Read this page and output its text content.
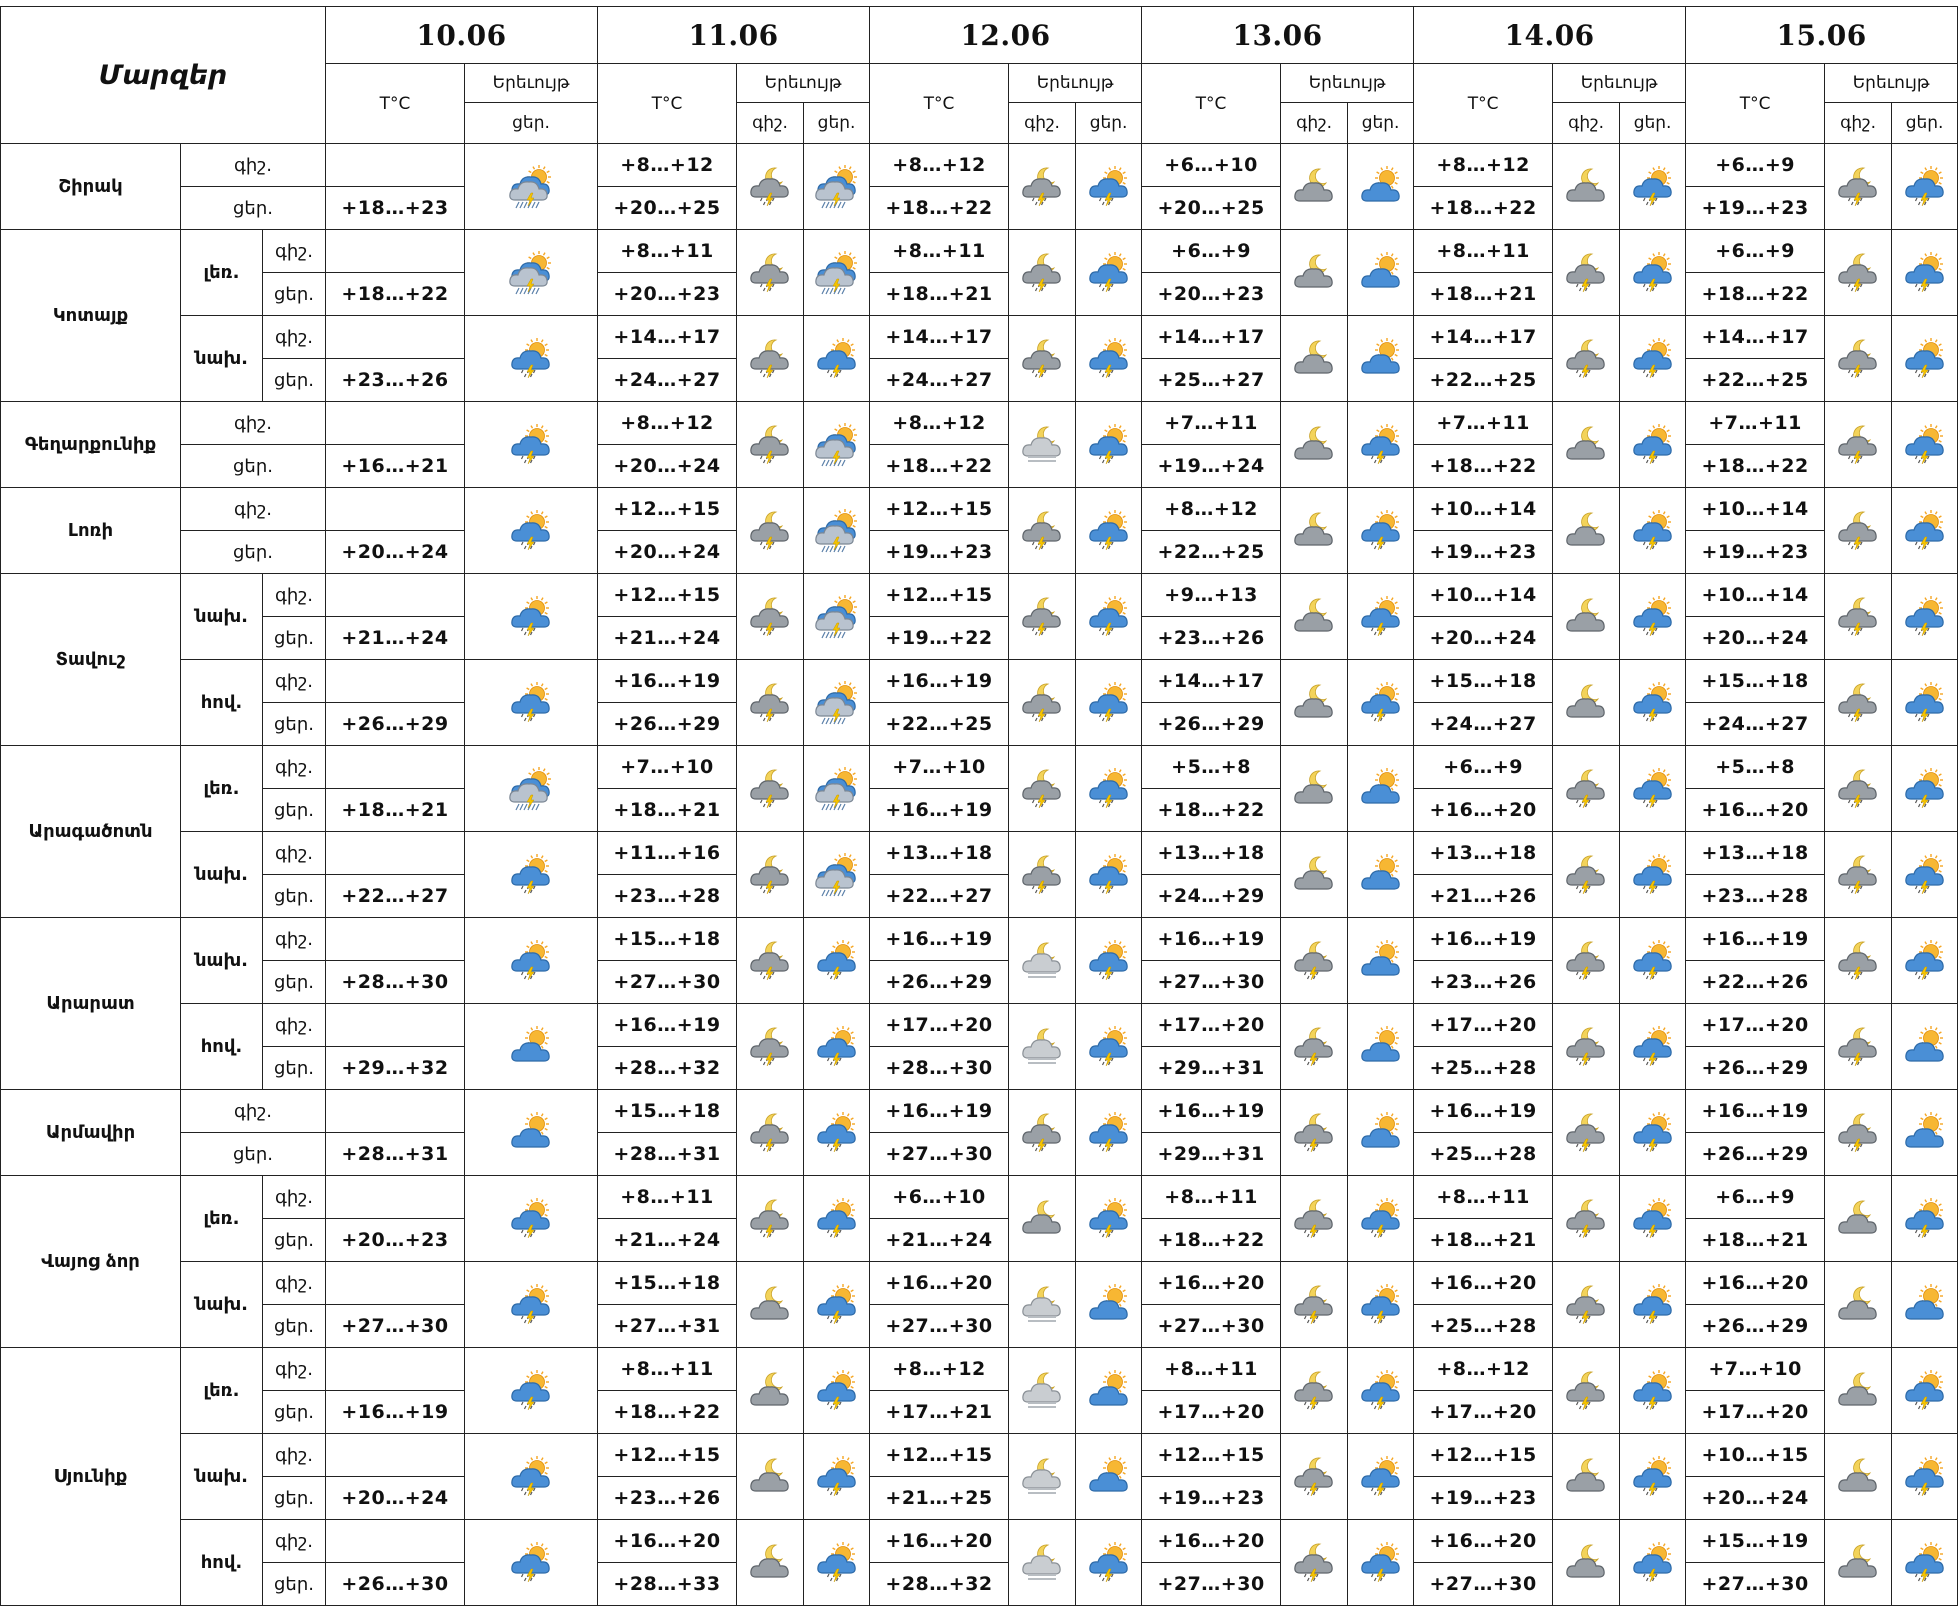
Մարզեր			10.06		11.06			12.06			13.06			14.06			15.06		
			T°C	Երեւույթ	T°C	Երեւույթ		T°C	Երեւույթ		T°C	Երեւույթ		T°C	Երեւույթ		T°C	Երեւույթ	
				ցեր.		գիշ.	ցեր.		գիշ.	ցեր.		գիշ.	ցեր.		գիշ.	ցեր.		գիշ.	ցեր.
Շիրակ	գիշ.				+8…+12			+8…+12			+6…+10			+8…+12			+6…+9	

	ցեր.		+18…+23		+20…+25			+18…+22			+20…+25			+18…+22			+19…+23		
Կոտայք	լեռ.	գիշ.			+8…+11			+8…+11			+6…+9			+8…+11			+6…+9	

		ցեր.	+18…+22		+20…+23			+18…+21			+20…+23			+18…+21			+18…+22		
	նախ.	գիշ.			+14…+17			+14…+17			+14…+17			+14…+17			+14…+17	

		ցեր.	+23…+26		+24…+27			+24…+27			+25…+27			+22…+25			+22…+25		
Գեղարքունիք	գիշ.				+8…+12			+8…+12			+7…+11			+7…+11			+7…+11	

	ցեր.		+16…+21		+20…+24			+18…+22			+19…+24			+18…+22			+18…+22		
Լոռի	գիշ.				+12…+15			+12…+15			+8…+12			+10…+14			+10…+14	

	ցեր.		+20…+24		+20…+24			+19…+23			+22…+25			+19…+23			+19…+23		
Տավուշ	նախ.	գիշ.			+12…+15			+12…+15			+9…+13			+10…+14			+10…+14	

		ցեր.	+21…+24		+21…+24			+19…+22			+23…+26			+20…+24			+20…+24		
	հով.	գիշ.			+16…+19			+16…+19			+14…+17			+15…+18			+15…+18	

		ցեր.	+26…+29		+26…+29			+22…+25			+26…+29			+24…+27			+24…+27		
Արագածոտն	լեռ.	գիշ.			+7…+10			+7…+10			+5…+8			+6…+9			+5…+8	

		ցեր.	+18…+21		+18…+21			+16…+19			+18…+22			+16…+20			+16…+20		
	նախ.	գիշ.			+11…+16			+13…+18			+13…+18			+13…+18			+13…+18	

		ցեր.	+22…+27		+23…+28			+22…+27			+24…+29			+21…+26			+23…+28		
Արարատ	նախ.	գիշ.			+15…+18			+16…+19			+16…+19			+16…+19			+16…+19	

		ցեր.	+28…+30		+27…+30			+26…+29			+27…+30			+23…+26			+22…+26		
	հով.	գիշ.			+16…+19			+17…+20			+17…+20			+17…+20			+17…+20	

		ցեր.	+29…+32		+28…+32			+28…+30			+29…+31			+25…+28			+26…+29		
Արմավիր	գիշ.				+15…+18			+16…+19			+16…+19			+16…+19			+16…+19	

	ցեր.		+28…+31		+28…+31			+27…+30			+29…+31			+25…+28			+26…+29		
Վայոց ձոր	լեռ.	գիշ.			+8…+11			+6…+10			+8…+11			+8…+11			+6…+9	

		ցեր.	+20…+23		+21…+24			+21…+24			+18…+22			+18…+21			+18…+21		
	նախ.	գիշ.			+15…+18			+16…+20			+16…+20			+16…+20			+16…+20	

		ցեր.	+27…+30		+27…+31			+27…+30			+27…+30			+25…+28			+26…+29		
Սյունիք	լեռ.	գիշ.			+8…+11			+8…+12			+8…+11			+8…+12			+7…+10	

		ցեր.	+16…+19		+18…+22			+17…+21			+17…+20			+17…+20			+17…+20		
	նախ.	գիշ.			+12…+15			+12…+15			+12…+15			+12…+15			+10…+15	

		ցեր.	+20…+24		+23…+26			+21…+25			+19…+23			+19…+23			+20…+24		
	հով.	գիշ.			+16…+20			+16…+20			+16…+20			+16…+20			+15…+19	

		ցեր.	+26…+30		+28…+33			+28…+32			+27…+30			+27…+30			+27…+30		
